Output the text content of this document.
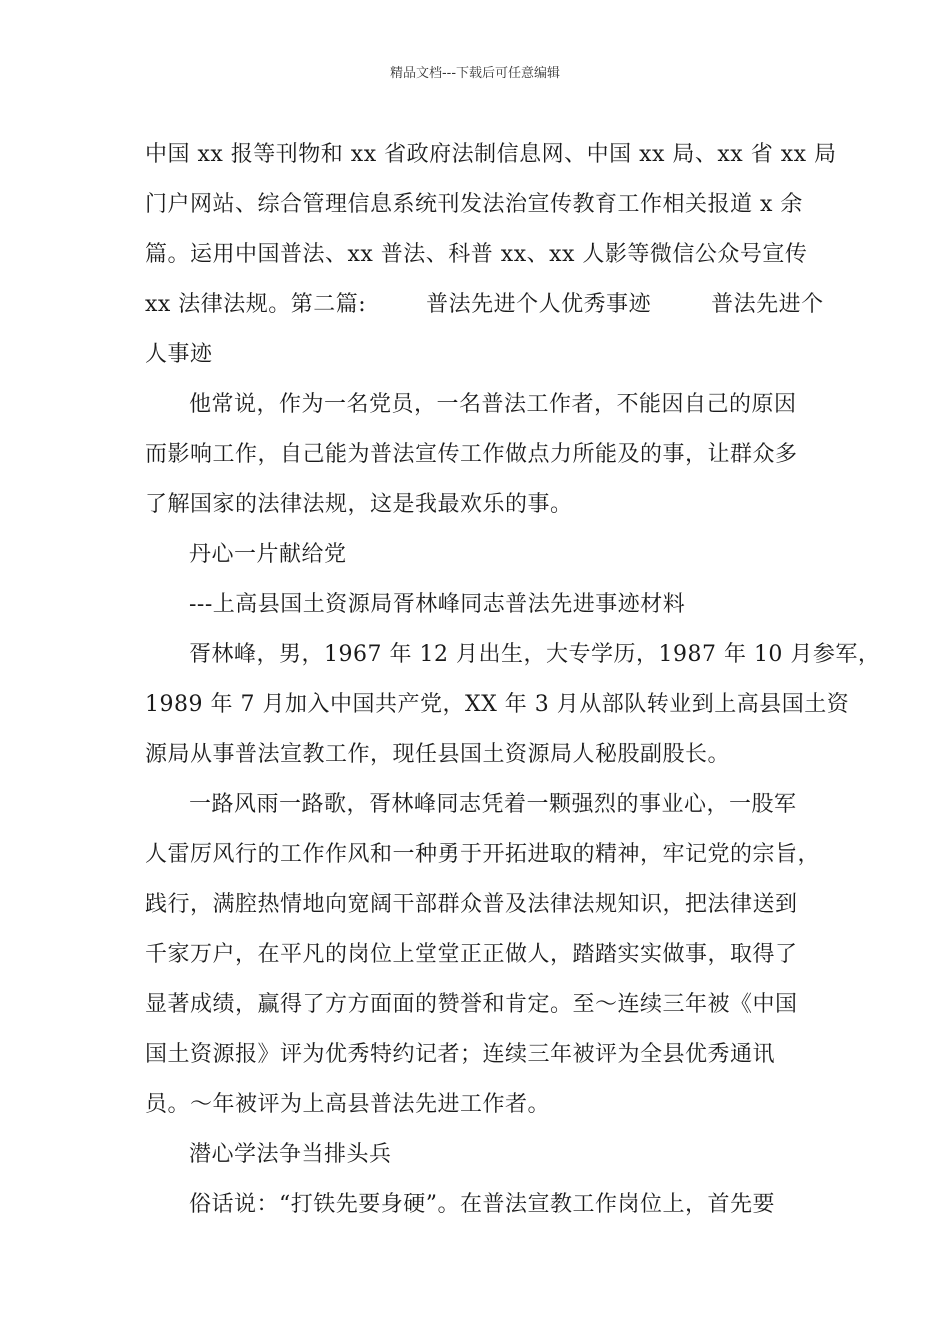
精品文档---下载后可任意编辑
中国 xx 报等刊物和 xx 省政府法制信息网、中国 xx 局、xx 省 xx 局
门户网站、综合管理信息系统刊发法治宣传教育工作相关报道 x 余
篇。运用中国普法、xx 普法、科普 xx、xx 人影等微信公众号宣传
xx 法律法规。第二篇:        普法先进个人优秀事迹        普法先进个
人事迹
他常说，作为一名党员，一名普法工作者，不能因自己的原因
而影响工作，自己能为普法宣传工作做点力所能及的事，让群众多
了解国家的法律法规，这是我最欢乐的事。
丹心一片献给党
---上高县国土资源局胥林峰同志普法先进事迹材料
胥林峰，男，1967 年 12 月出生，大专学历，1987 年 10 月参军，
1989 年 7 月加入中国共产党，XX 年 3 月从部队转业到上高县国土资
源局从事普法宣教工作，现任县国土资源局人秘股副股长。
一路风雨一路歌，胥林峰同志凭着一颗强烈的事业心，一股军
人雷厉风行的工作作风和一种勇于开拓进取的精神，牢记党的宗旨，
践行，满腔热情地向宽阔干部群众普及法律法规知识，把法律送到
千家万户，在平凡的岗位上堂堂正正做人，踏踏实实做事，取得了
显著成绩，赢得了方方面面的赞誉和肯定。至～连续三年被《中国
国土资源报》评为优秀特约记者；连续三年被评为全县优秀通讯
员。～年被评为上高县普法先进工作者。
潜心学法争当排头兵
俗话说：“打铁先要身硬”。在普法宣教工作岗位上，首先要
